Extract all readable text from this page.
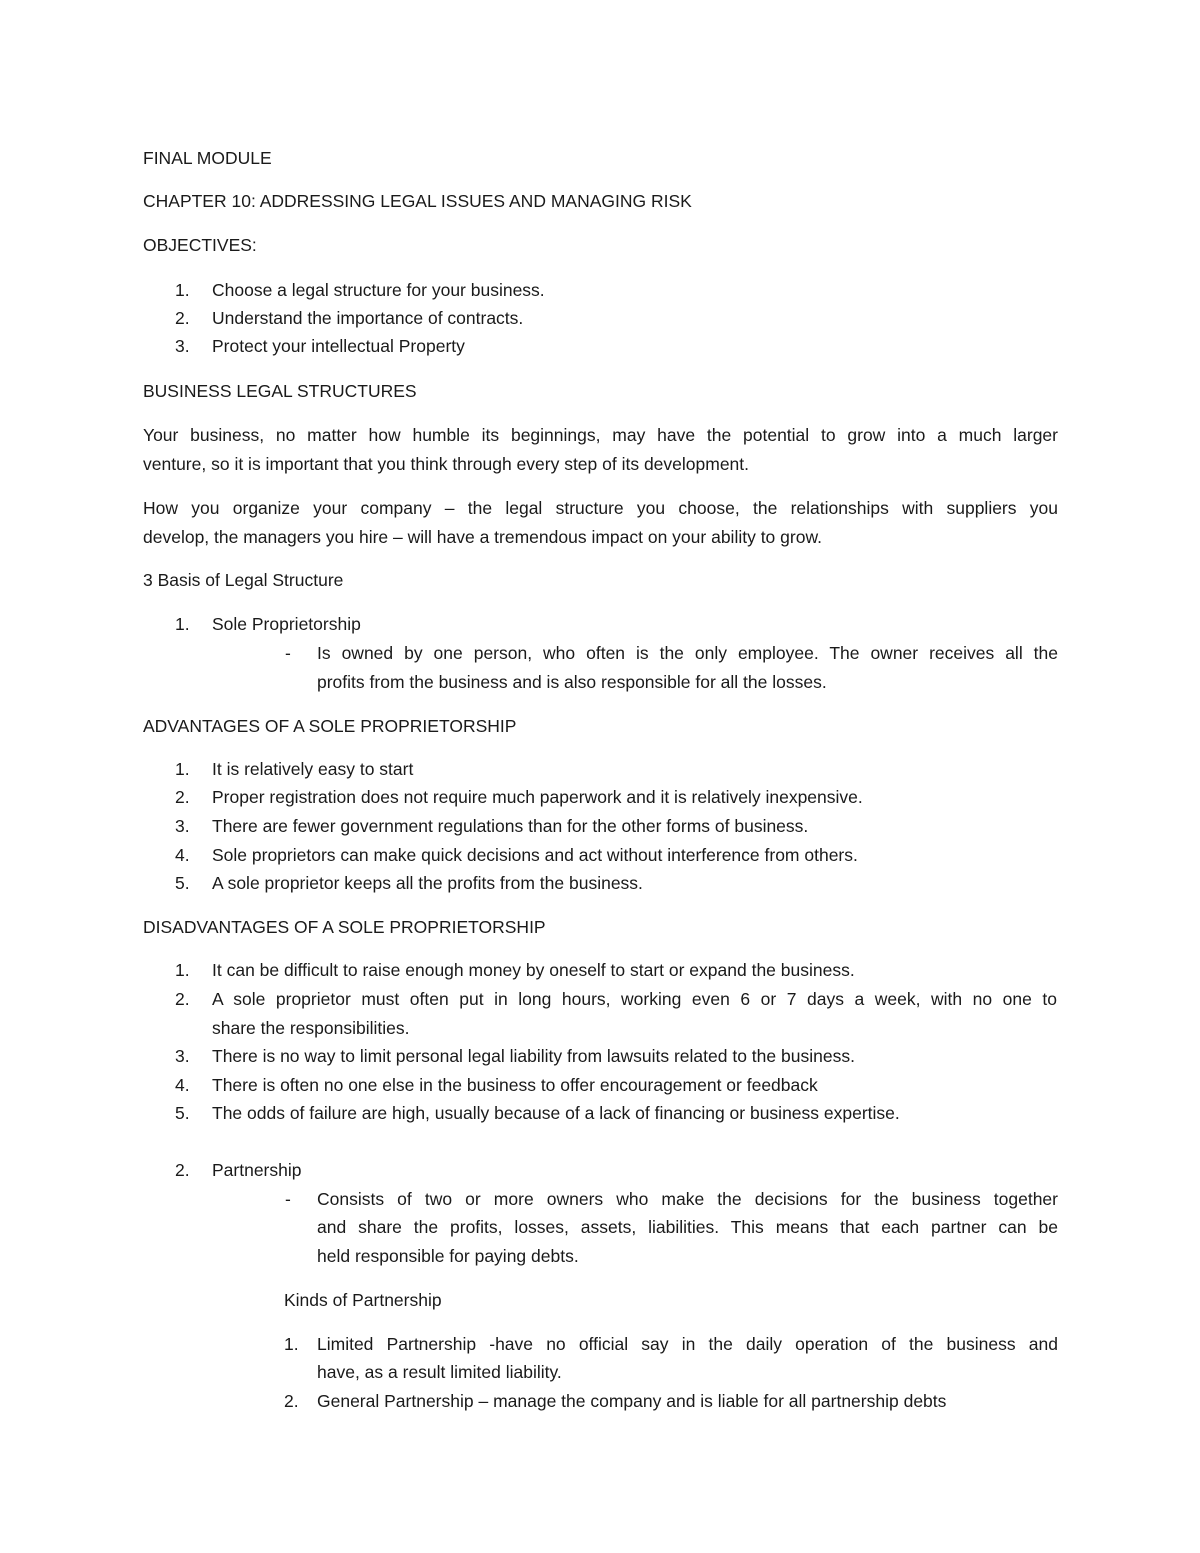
FINAL MODULE
CHAPTER 10: ADDRESSING LEGAL ISSUES AND MANAGING RISK
OBJECTIVES:
1. Choose a legal structure for your business.
2. Understand the importance of contracts.
3. Protect your intellectual Property
BUSINESS LEGAL STRUCTURES
Your business, no matter how humble its beginnings, may have the potential to grow into a much larger
venture, so it is important that you think through every step of its development.
How you organize your company – the legal structure you choose, the relationships with suppliers you
develop, the managers you hire – will have a tremendous impact on your ability to grow.
3 Basis of Legal Structure
1. Sole Proprietorship
- Is owned by one person, who often is the only employee. The owner receives all the
profits from the business and is also responsible for all the losses.
ADVANTAGES OF A SOLE PROPRIETORSHIP
1. It is relatively easy to start
2. Proper registration does not require much paperwork and it is relatively inexpensive.
3. There are fewer government regulations than for the other forms of business.
4. Sole proprietors can make quick decisions and act without interference from others.
5. A sole proprietor keeps all the profits from the business.
DISADVANTAGES OF A SOLE PROPRIETORSHIP
1. It can be difficult to raise enough money by oneself to start or expand the business.
2. A sole proprietor must often put in long hours, working even 6 or 7 days a week, with no one to
share the responsibilities.
3. There is no way to limit personal legal liability from lawsuits related to the business.
4. There is often no one else in the business to offer encouragement or feedback
5. The odds of failure are high, usually because of a lack of financing or business expertise.
2. Partnership
- Consists of two or more owners who make the decisions for the business together
and share the profits, losses, assets, liabilities. This means that each partner can be
held responsible for paying debts.
Kinds of Partnership
1. Limited Partnership -have no official say in the daily operation of the business and
have, as a result limited liability.
2. General Partnership – manage the company and is liable for all partnership debts
